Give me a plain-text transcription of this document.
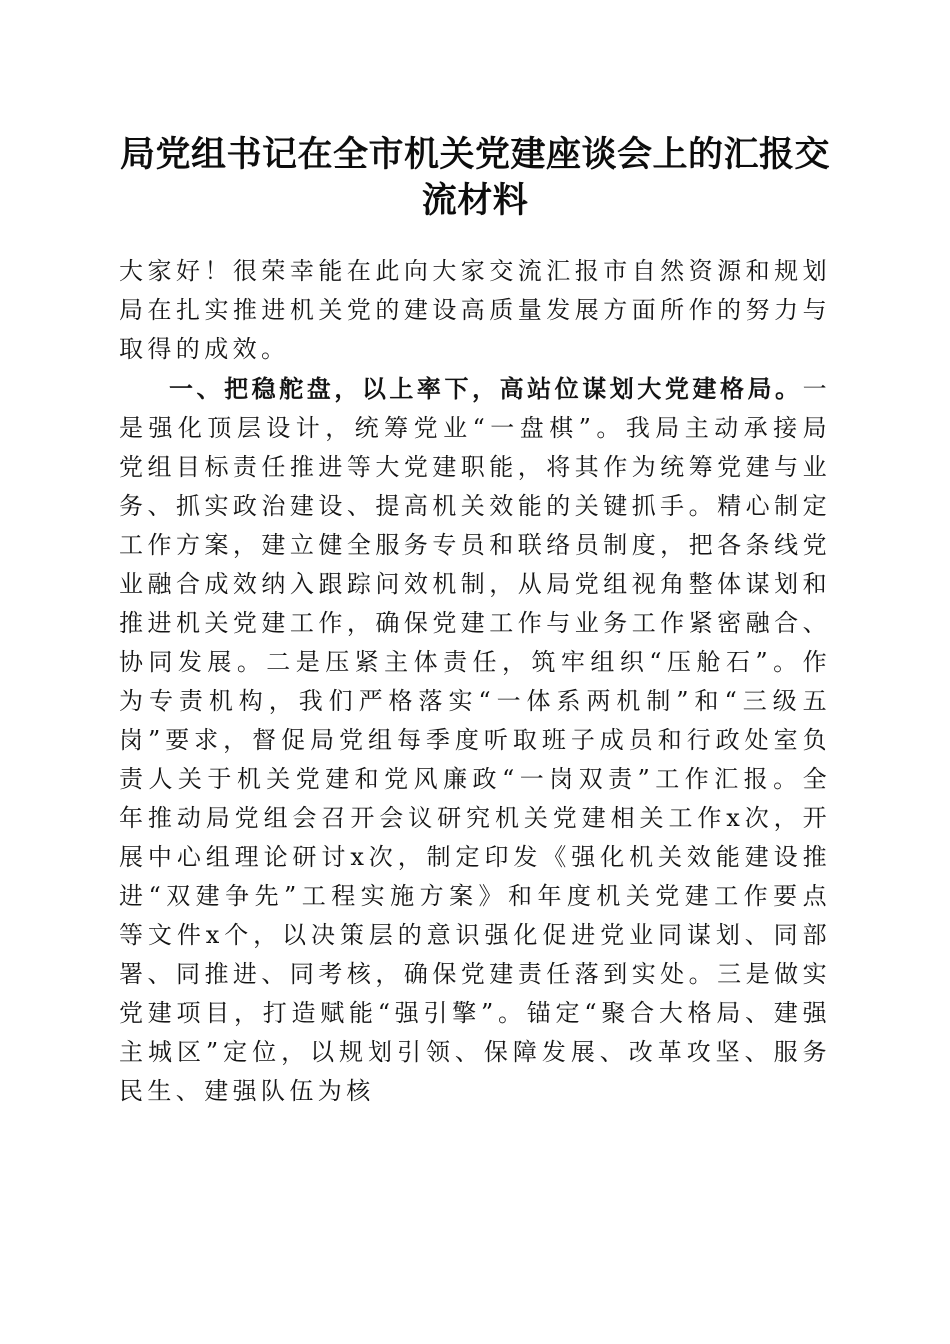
局党组书记在全市机关党建座谈会上的汇报交流材料

大家好！很荣幸能在此向大家交流汇报市自然资源和规划局在扎实推进机关党的建设高质量发展方面所作的努力与取得的成效。

一、把稳舵盘，以上率下，高站位谋划大党建格局。一是强化顶层设计，统筹党业“一盘棋”。我局主动承接局党组目标责任推进等大党建职能，将其作为统筹党建与业务、抓实政治建设、提高机关效能的关键抓手。精心制定工作方案，建立健全服务专员和联络员制度，把各条线党业融合成效纳入跟踪问效机制，从局党组视角整体谋划和推进机关党建工作，确保党建工作与业务工作紧密融合、协同发展。二是压紧主体责任，筑牢组织“压舱石”。作为专责机构，我们严格落实“一体系两机制”和“三级五岗”要求，督促局党组每季度听取班子成员和行政处室负责人关于机关党建和党风廉政“一岗双责”工作汇报。全年推动局党组会召开会议研究机关党建相关工作x次，开展中心组理论研讨x次，制定印发《强化机关效能建设推进“双建争先”工程实施方案》和年度机关党建工作要点等文件x个，以决策层的意识强化促进党业同谋划、同部署、同推进、同考核，确保党建责任落到实处。三是做实党建项目，打造赋能“强引擎”。锚定“聚合大格局、建强主城区”定位，以规划引领、保障发展、改革攻坚、服务民生、建强队伍为核
